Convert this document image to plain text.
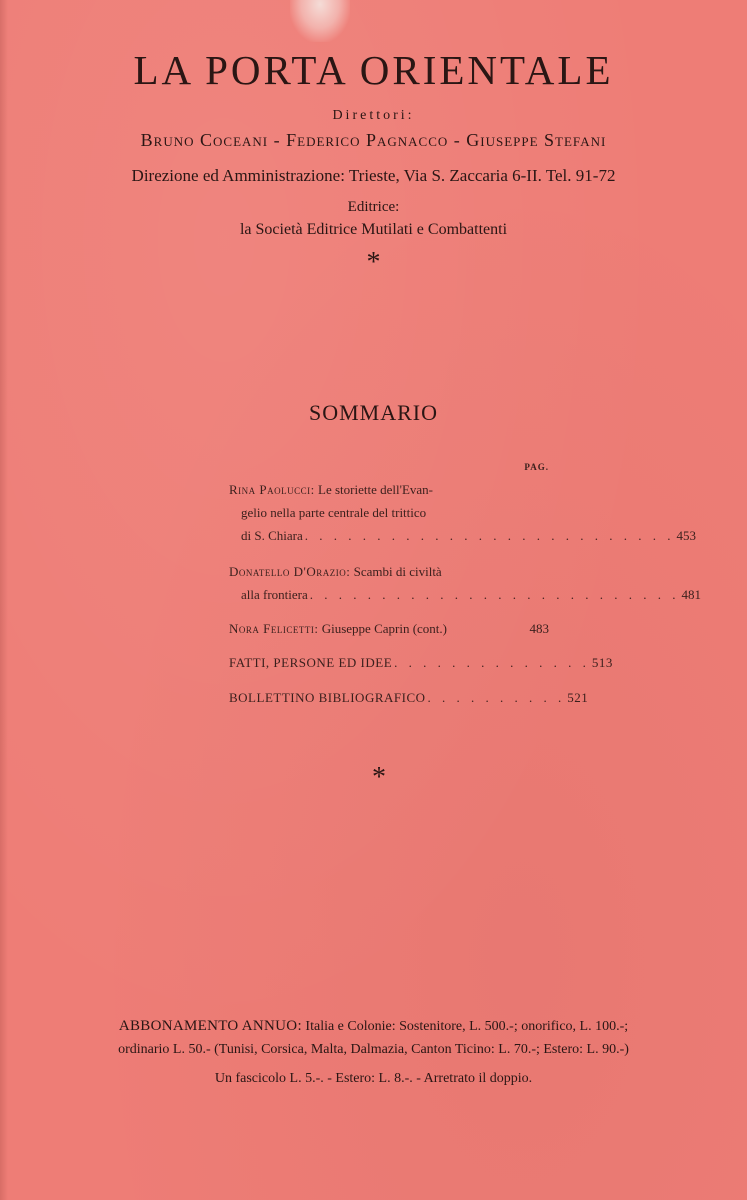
LA PORTA ORIENTALE
Direttori:
Bruno Coceani - Federico Pagnacco - Giuseppe Stefani
Direzione ed Amministrazione: Trieste, Via S. Zaccaria 6-II. Tel. 91-72
Editrice:
la Società Editrice Mutilati e Combattenti
*
SOMMARIO
PAG.
Rina Paolucci: Le storiette dell'Evan-
gelio nella parte centrale del trittico
di S. Chiara . . . . . . . . . . . . . . . . . . . . . . . . . . 453
Donatello D'Orazio: Scambi di civiltà
alla frontiera . . . . . . . . . . . . . . . . . . . . . . . . . . 481
Nora Felicetti: Giuseppe Caprin (cont.)	483
FATTI, PERSONE ED IDEE . . . . . . . . . . . . . . 513
BOLLETTINO BIBLIOGRAFICO . . . . . . . . . . 521
*
ABBONAMENTO ANNUO: Italia e Colonie: Sostenitore, L. 500.-; onorifico, L. 100.-;
ordinario L. 50.- (Tunisi, Corsica, Malta, Dalmazia, Canton Ticino: L. 70.-; Estero: L. 90.-)
Un fascicolo L. 5.-. - Estero: L. 8.-. - Arretrato il doppio.
